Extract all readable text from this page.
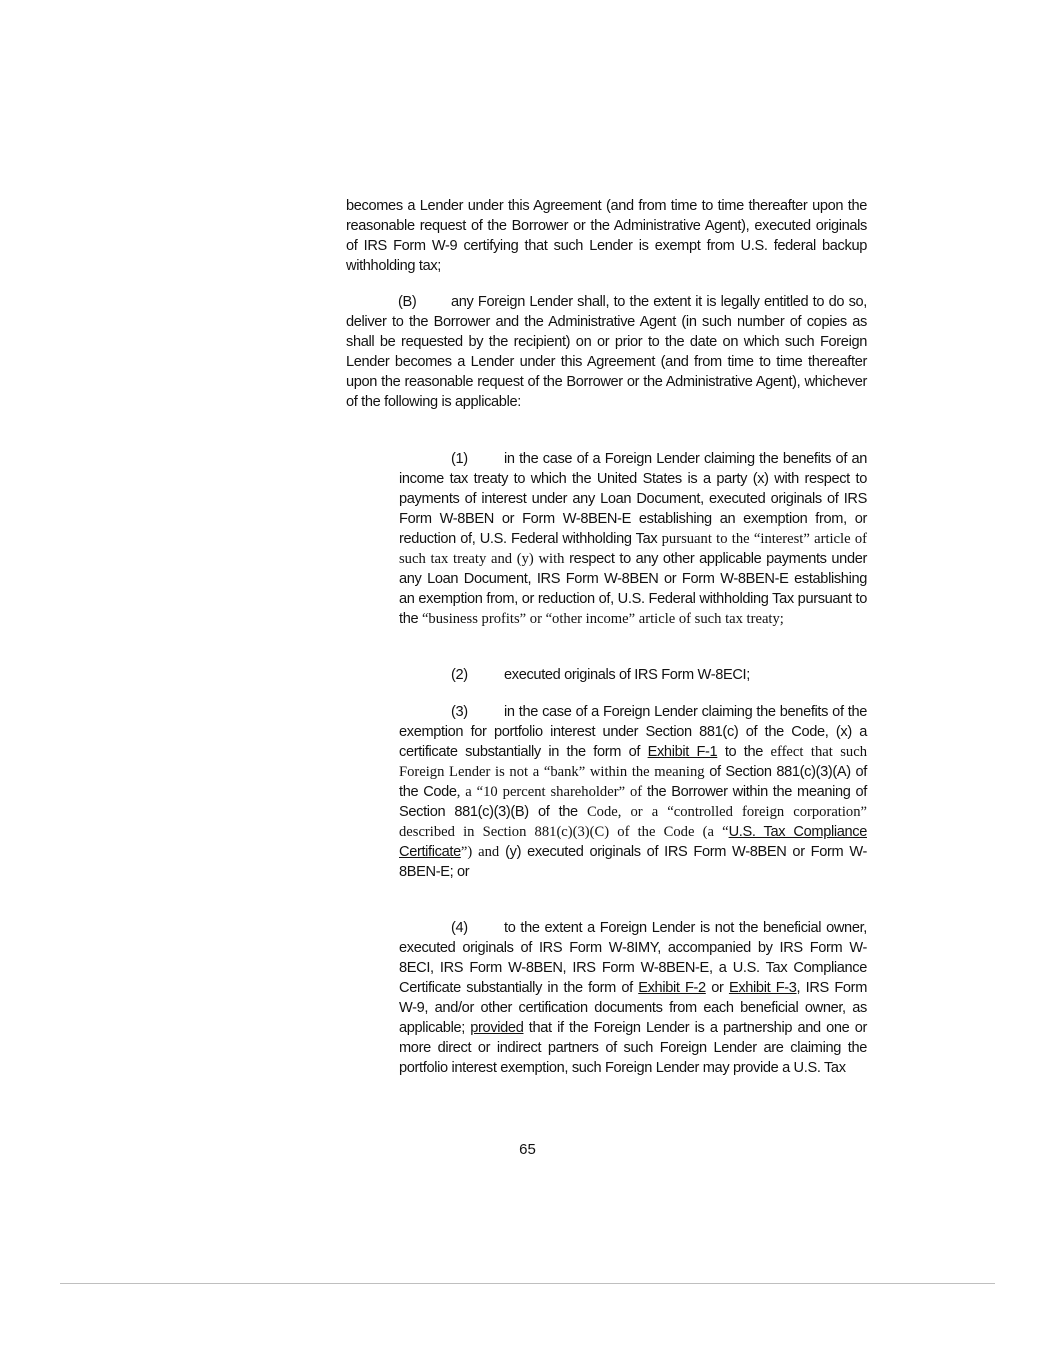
becomes a Lender under this Agreement (and from time to time thereafter upon the reasonable request of the Borrower or the Administrative Agent), executed originals of IRS Form W-9 certifying that such Lender is exempt from U.S. federal backup withholding tax;

(B) any Foreign Lender shall, to the extent it is legally entitled to do so, deliver to the Borrower and the Administrative Agent (in such number of copies as shall be requested by the recipient) on or prior to the date on which such Foreign Lender becomes a Lender under this Agreement (and from time to time thereafter upon the reasonable request of the Borrower or the Administrative Agent), whichever of the following is applicable:

(1) in the case of a Foreign Lender claiming the benefits of an income tax treaty to which the United States is a party (x) with respect to payments of interest under any Loan Document, executed originals of IRS Form W-8BEN or Form W-8BEN-E establishing an exemption from, or reduction of, U.S. Federal withholding Tax pursuant to the “interest” article of such tax treaty and (y) with respect to any other applicable payments under any Loan Document, IRS Form W-8BEN or Form W-8BEN-E establishing an exemption from, or reduction of, U.S. Federal withholding Tax pursuant to the “business profits” or “other income” article of such tax treaty;

(2) executed originals of IRS Form W-8ECI;

(3) in the case of a Foreign Lender claiming the benefits of the exemption for portfolio interest under Section 881(c) of the Code, (x) a certificate substantially in the form of Exhibit F-1 to the effect that such Foreign Lender is not a “bank” within the meaning of Section 881(c)(3)(A) of the Code, a “10 percent shareholder” of the Borrower within the meaning of Section 881(c)(3)(B) of the Code, or a “controlled foreign corporation” described in Section 881(c)(3)(C) of the Code (a “U.S. Tax Compliance Certificate”) and (y) executed originals of IRS Form W-8BEN or Form W-8BEN-E; or

(4) to the extent a Foreign Lender is not the beneficial owner, executed originals of IRS Form W-8IMY, accompanied by IRS Form W-8ECI, IRS Form W-8BEN, IRS Form W-8BEN-E, a U.S. Tax Compliance Certificate substantially in the form of Exhibit F-2 or Exhibit F-3, IRS Form W-9, and/or other certification documents from each beneficial owner, as applicable; provided that if the Foreign Lender is a partnership and one or more direct or indirect partners of such Foreign Lender are claiming the portfolio interest exemption, such Foreign Lender may provide a U.S. Tax

65
